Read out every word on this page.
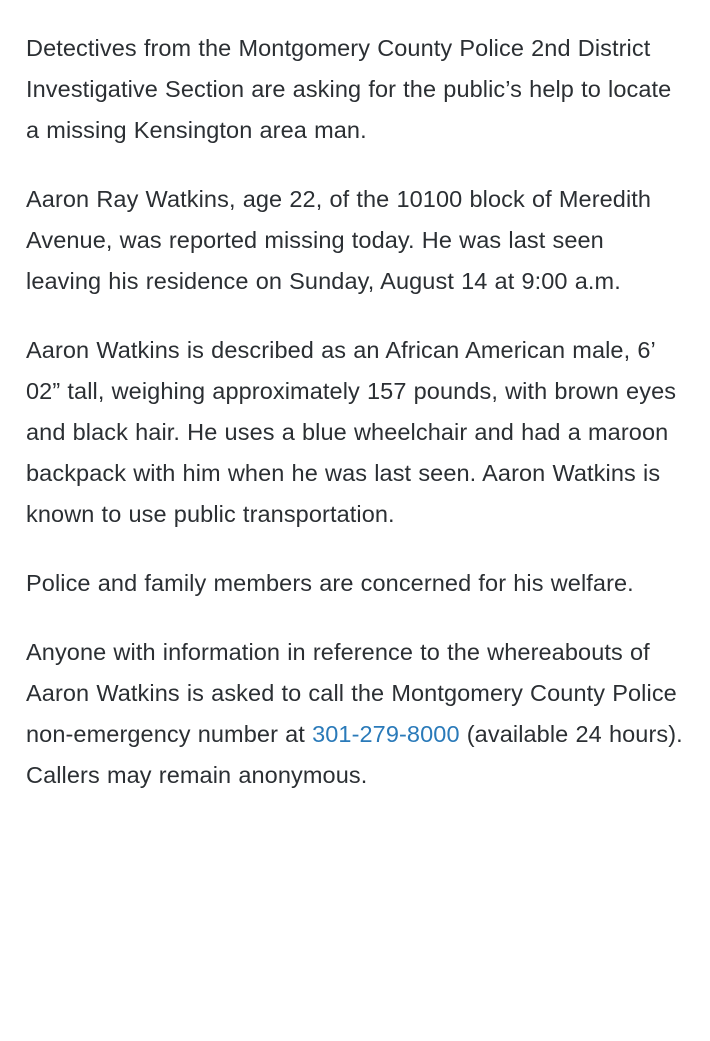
Detectives from the Montgomery County Police 2nd District Investigative Section are asking for the public’s help to locate a missing Kensington area man.

Aaron Ray Watkins, age 22, of the 10100 block of Meredith Avenue, was reported missing today. He was last seen leaving his residence on Sunday, August 14 at 9:00 a.m.

Aaron Watkins is described as an African American male, 6’ 02” tall, weighing approximately 157 pounds, with brown eyes and black hair. He uses a blue wheelchair and had a maroon backpack with him when he was last seen. Aaron Watkins is known to use public transportation.

Police and family members are concerned for his welfare.

Anyone with information in reference to the whereabouts of Aaron Watkins is asked to call the Montgomery County Police non-emergency number at 301-279-8000 (available 24 hours). Callers may remain anonymous.
